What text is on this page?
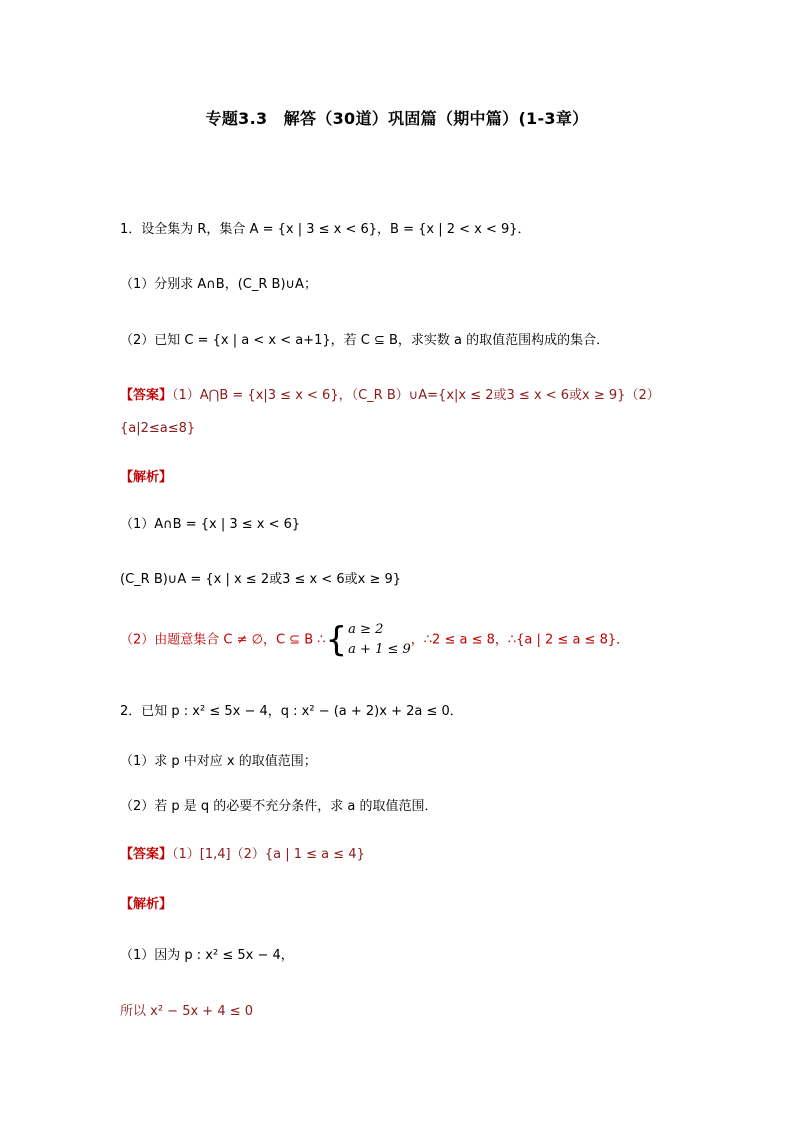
专题3.3　解答（30道）巩固篇（期中篇）(1-3章）
1．设全集为 R，集合 A = {x | 3 ≤ x < 6}，B = {x | 2 < x < 9}．
（1）分别求 A∩B，(C_R B)∪A；
（2）已知 C = {x | a < x < a+1}，若 C ⊆ B，求实数 a 的取值范围构成的集合．
【答案】（1）A⋂B = {x|3 ≤ x < 6}，（C_R B）∪A={x|x ≤ 2或3 ≤ x < 6或x ≥ 9}（2）
{a|2≤a≤8}
【解析】
（1）A∩B = {x | 3 ≤ x < 6}
(C_R B)∪A = {x | x ≤ 2或3 ≤ x < 6或x ≥ 9}
（2）由题意集合 C ≠ ∅，C ⊆ B ∴{ a ≥ 2
a + 1 ≤ 9
，∴2 ≤ a ≤ 8，∴{a | 2 ≤ a ≤ 8}．
2．已知 p : x² ≤ 5x − 4，q : x² − (a + 2)x + 2a ≤ 0．
（1）求 p 中对应 x 的取值范围；
（2）若 p 是 q 的必要不充分条件，求 a 的取值范围．
【答案】（1）[1,4]（2）{a | 1 ≤ a ≤ 4}
【解析】
（1）因为 p : x² ≤ 5x − 4，
所以 x² − 5x + 4 ≤ 0
